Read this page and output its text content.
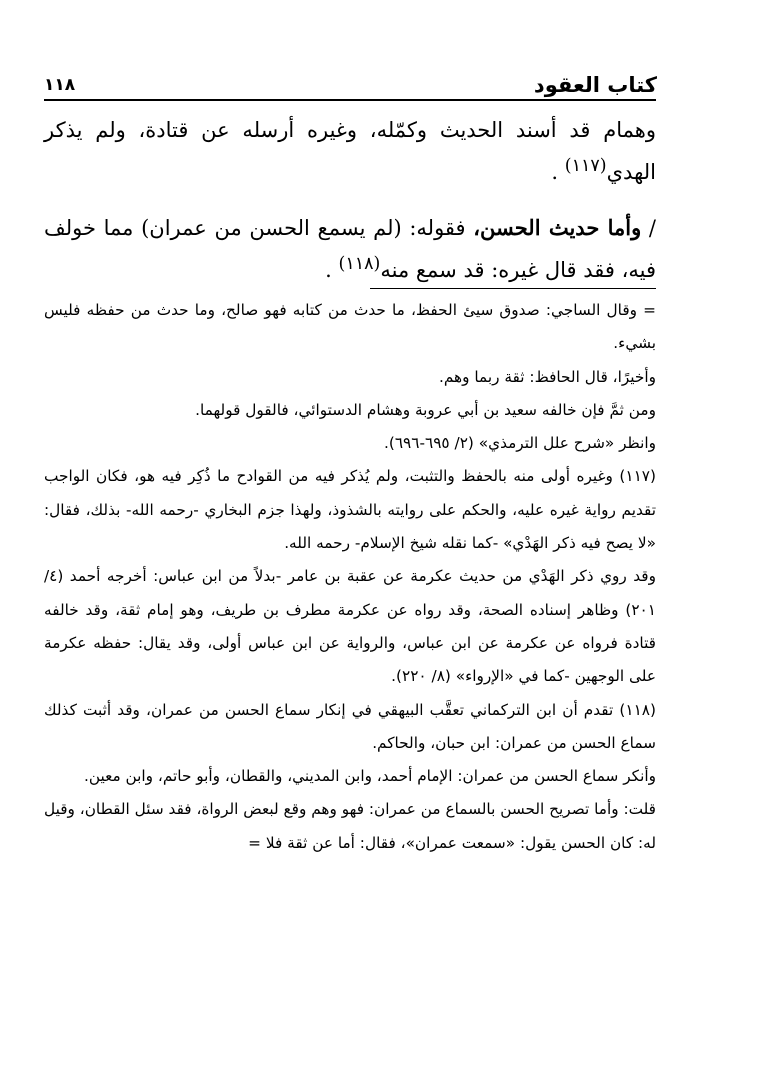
كتاب العقود
١١٨

وهمام قد أسند الحديث وكمّله، وغيره أرسله عن قتادة، ولم يذكر الهدي$^{(١١٧)}$ .

/ وأما حديث الحسن، فقوله: (لم يسمع الحسن من عمران) مما خولف فيه، فقد قال غيره: قد سمع منه$^{(١١٨)}$ .

= وقال الساجي: صدوق سيئ الحفظ، ما حدث من كتابه فهو صالح، وما حدث من حفظه فليس بشيء.

وأخيرًا، قال الحافظ: ثقة ربما وهم.

ومن ثمَّ فإن خالفه سعيد بن أبي عروبة وهشام الدستوائي، فالقول قولهما.

وانظر «شرح علل الترمذي» (٢/ ٦٩٥-٦٩٦).

(١١٧) وغيره أولى منه بالحفظ والتثبت، ولم يُذكر فيه من القوادح ما ذُكِر فيه هو، فكان الواجب تقديم رواية غيره عليه، والحكم على روايته بالشذوذ، ولهذا جزم البخاري -رحمه الله- بذلك، فقال: «لا يصح فيه ذكر الهَدْي» -كما نقله شيخ الإسلام- رحمه الله.

وقد روي ذكر الهَدْي من حديث عكرمة عن عقبة بن عامر -بدلاً من ابن عباس: أخرجه أحمد (٤/ ٢٠١) وظاهر إسناده الصحة، وقد رواه عن عكرمة مطرف بن طريف، وهو إمام ثقة، وقد خالفه قتادة فرواه عن عكرمة عن ابن عباس، والرواية عن ابن عباس أولى، وقد يقال: حفظه عكرمة على الوجهين -كما في «الإرواء» (٨/ ٢٢٠).

(١١٨) تقدم أن ابن التركماني تعقَّب البيهقي في إنكار سماع الحسن من عمران، وقد أثبت كذلك سماع الحسن من عمران: ابن حبان، والحاكم.

وأنكر سماع الحسن من عمران: الإمام أحمد، وابن المديني، والقطان، وأبو حاتم، وابن معين.

قلت: وأما تصريح الحسن بالسماع من عمران: فهو وهم وقع لبعض الرواة، فقد سئل القطان، وقيل له: كان الحسن يقول: «سمعت عمران»، فقال: أما عن ثقة فلا =
